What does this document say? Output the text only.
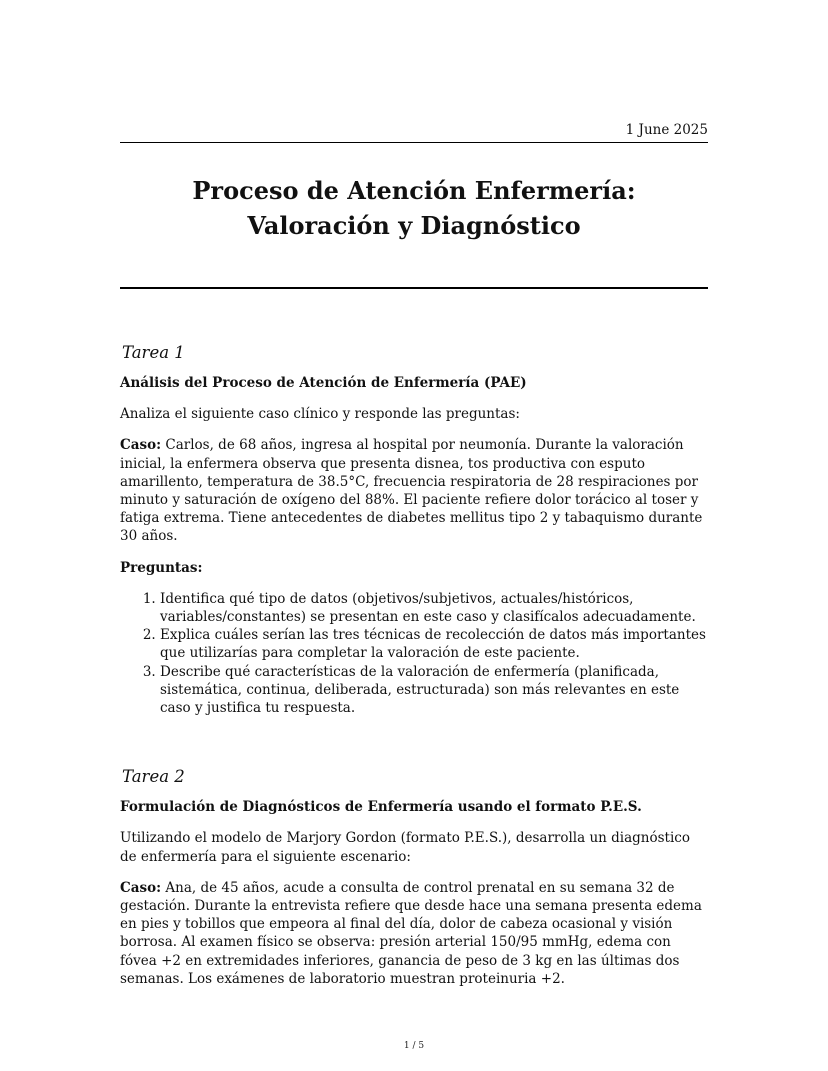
1 June 2025
Proceso de Atención Enfermería: Valoración y Diagnóstico
Tarea 1
Análisis del Proceso de Atención de Enfermería (PAE)

Analiza el siguiente caso clínico y responde las preguntas:

Caso: Carlos, de 68 años, ingresa al hospital por neumonía. Durante la valoración inicial, la enfermera observa que presenta disnea, tos productiva con esputo amarillento, temperatura de 38.5°C, frecuencia respiratoria de 28 respiraciones por minuto y saturación de oxígeno del 88%. El paciente refiere dolor torácico al toser y fatiga extrema. Tiene antecedentes de diabetes mellitus tipo 2 y tabaquismo durante 30 años.

Preguntas:
1. Identifica qué tipo de datos (objetivos/subjetivos, actuales/históricos, variables/constantes) se presentan en este caso y clasifícalos adecuadamente.
2. Explica cuáles serían las tres técnicas de recolección de datos más importantes que utilizarías para completar la valoración de este paciente.
3. Describe qué características de la valoración de enfermería (planificada, sistemática, continua, deliberada, estructurada) son más relevantes en este caso y justifica tu respuesta.
Tarea 2
Formulación de Diagnósticos de Enfermería usando el formato P.E.S.

Utilizando el modelo de Marjory Gordon (formato P.E.S.), desarrolla un diagnóstico de enfermería para el siguiente escenario:

Caso: Ana, de 45 años, acude a consulta de control prenatal en su semana 32 de gestación. Durante la entrevista refiere que desde hace una semana presenta edema en pies y tobillos que empeora al final del día, dolor de cabeza ocasional y visión borrosa. Al examen físico se observa: presión arterial 150/95 mmHg, edema con fóvea +2 en extremidades inferiores, ganancia de peso de 3 kg en las últimas dos semanas. Los exámenes de laboratorio muestran proteinuria +2.

1 / 5
